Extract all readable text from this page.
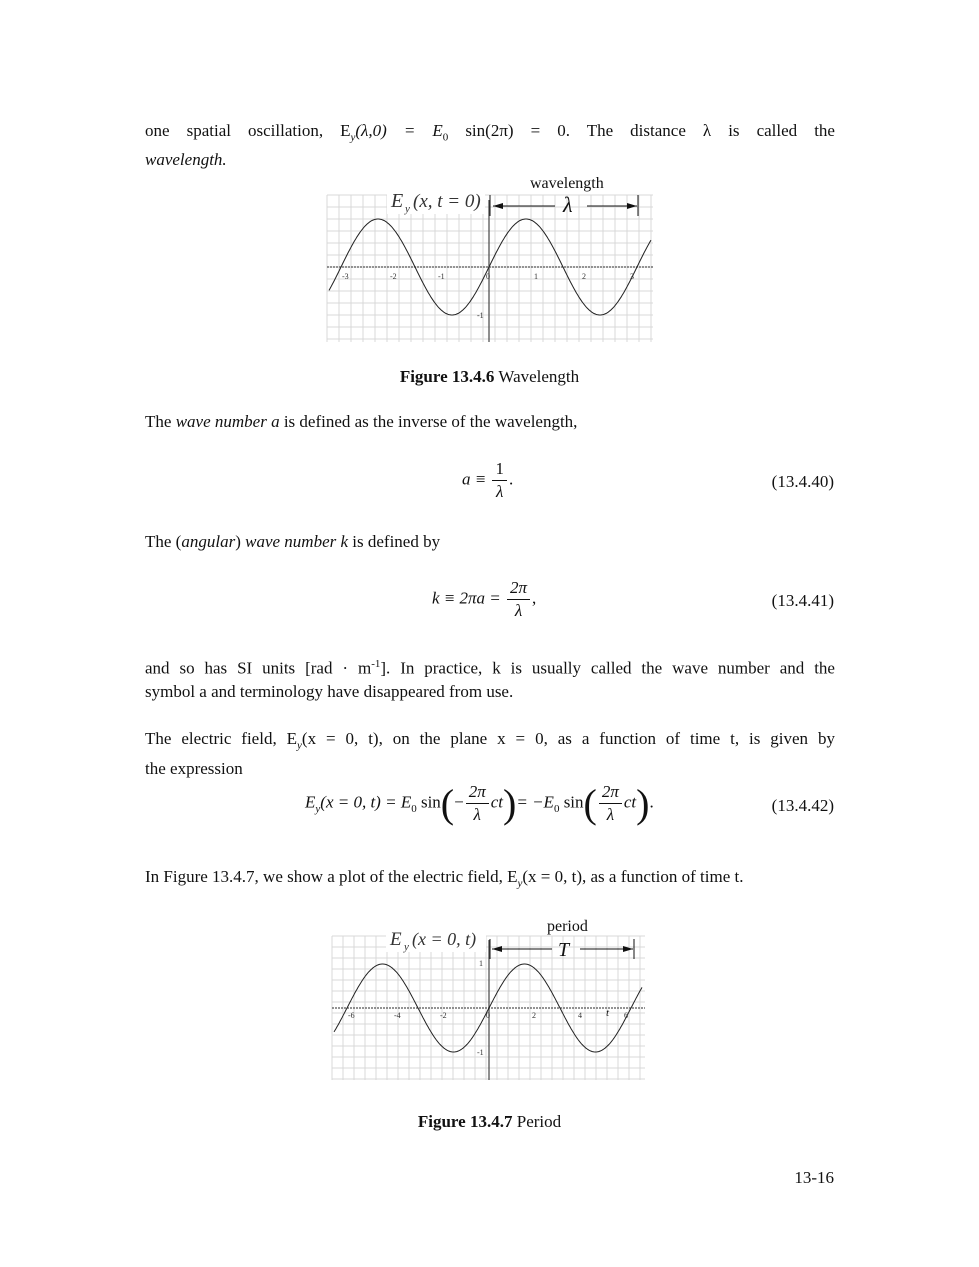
one spatial oscillation, $E_y(\lambda,0) = E_0$ sin(2π) = 0. The distance λ is called the
wavelength.
-3	-2	-1	0	1	2	3
-1
E y (x, t = 0)
wavelength
λ
Figure 13.4.6 Wavelength
The wave number a is defined as the inverse of the wavelength,
$a \equiv \frac{1}{\lambda}$ .	(13.4.40)
The (angular) wave number k is defined by
$k \equiv 2\pi a = \frac{2\pi}{\lambda}$ ,	(13.4.41)
and so has SI units $[rad \cdot m^{-1}]$. In practice, k is usually called the wave number and the
symbol a and terminology have disappeared from use.
The electric field, $E_y(x = 0$, t), on the plane x = 0, as a function of time t, is given by
the expression
$E_y(x = 0$, $t) = E_0$ $\sin(- \frac{2\pi}{\lambda} ct)= -E_0$ $\sin( \frac{2\pi}{\lambda} ct)$.	(13.4.42)
In Figure 13.4.7, we show a plot of the electric field, $E_y(x = 0$, t), as a function of time t.
-6	-4	-2	0	2	4	6
1
-1
t
E y (x = 0, t)
period
T
Figure 13.4.7 Period
13-16
